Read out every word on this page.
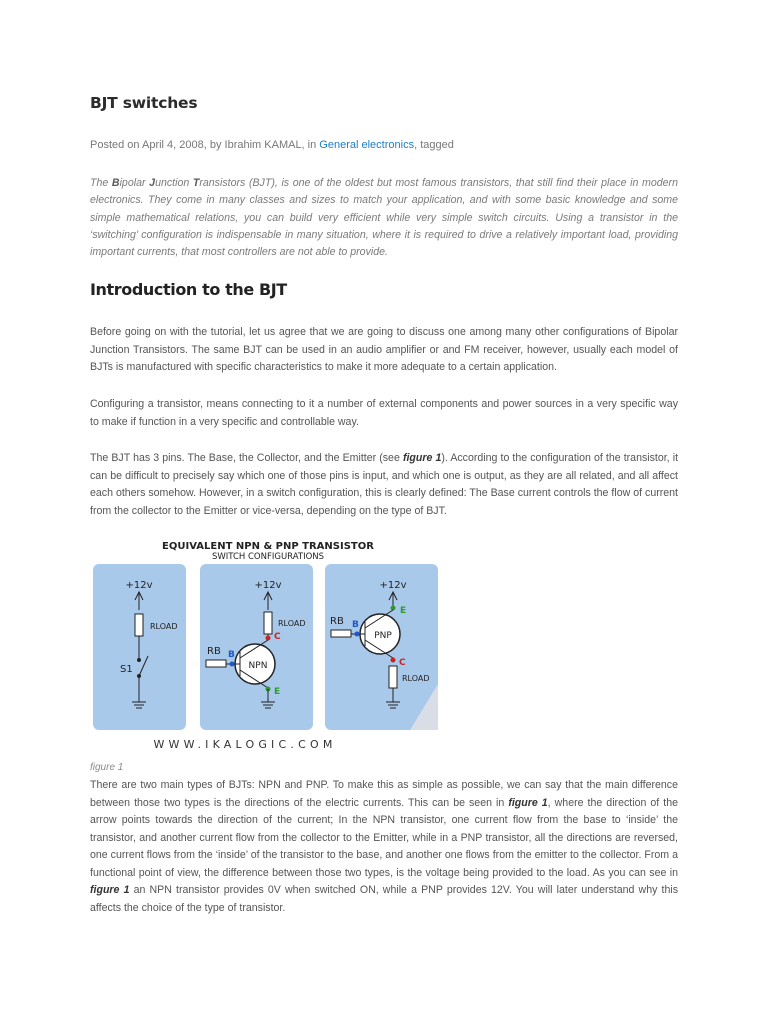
BJT switches

Posted on April 4, 2008, by Ibrahim KAMAL, in General electronics, tagged

The Bipolar Junction Transistors (BJT), is one of the oldest but most famous transistors, that still find their place in modern electronics. They come in many classes and sizes to match your application, and with some basic knowledge and some simple mathematical relations, you can build very efficient while very simple switch circuits. Using a transistor in the ‘switching’ configuration is indispensable in many situation, where it is required to drive a relatively important load, providing important currents, that most controllers are not able to provide.

Introduction to the BJT

Before going on with the tutorial, let us agree that we are going to discuss one among many other configurations of Bipolar Junction Transistors. The same BJT can be used in an audio amplifier or and FM receiver, however, usually each model of BJTs is manufactured with specific characteristics to make it more adequate to a certain application.

Configuring a transistor, means connecting to it a number of external components and power sources in a very specific way to make if function in a very specific and controllable way.

The BJT has 3 pins. The Base, the Collector, and the Emitter (see figure 1). According to the configuration of the transistor, it can be difficult to precisely say which one of those pins is input, and which one is output, as they are all related, and all affect each others somehow. However, in a switch configuration, this is clearly defined: The Base current controls the flow of current from the collector to the Emitter or vice-versa, depending on the type of BJT.

EQUIVALENT NPN & PNP TRANSISTOR
SWITCH CONFIGURATIONS
+12v
RLOAD
S1
+12v
RLOAD
C
NPN
RB B
E
+12v
E
PNP
RB B
C
RLOAD
WWW.IKALOGIC.COM

figure 1

There are two main types of BJTs: NPN and PNP. To make this as simple as possible, we can say that the main difference between those two types is the directions of the electric currents. This can be seen in figure 1, where the direction of the arrow points towards the direction of the current; In the NPN transistor, one current flow from the base to ‘inside’ the transistor, and another current flow from the collector to the Emitter, while in a PNP transistor, all the directions are reversed, one current flows from the ‘inside’ of the transistor to the base, and another one flows from the emitter to the collector. From a functional point of view, the difference between those two types, is the voltage being provided to the load. As you can see in figure 1 an NPN transistor provides 0V when switched ON, while a PNP provides 12V. You will later understand why this affects the choice of the type of transistor.
